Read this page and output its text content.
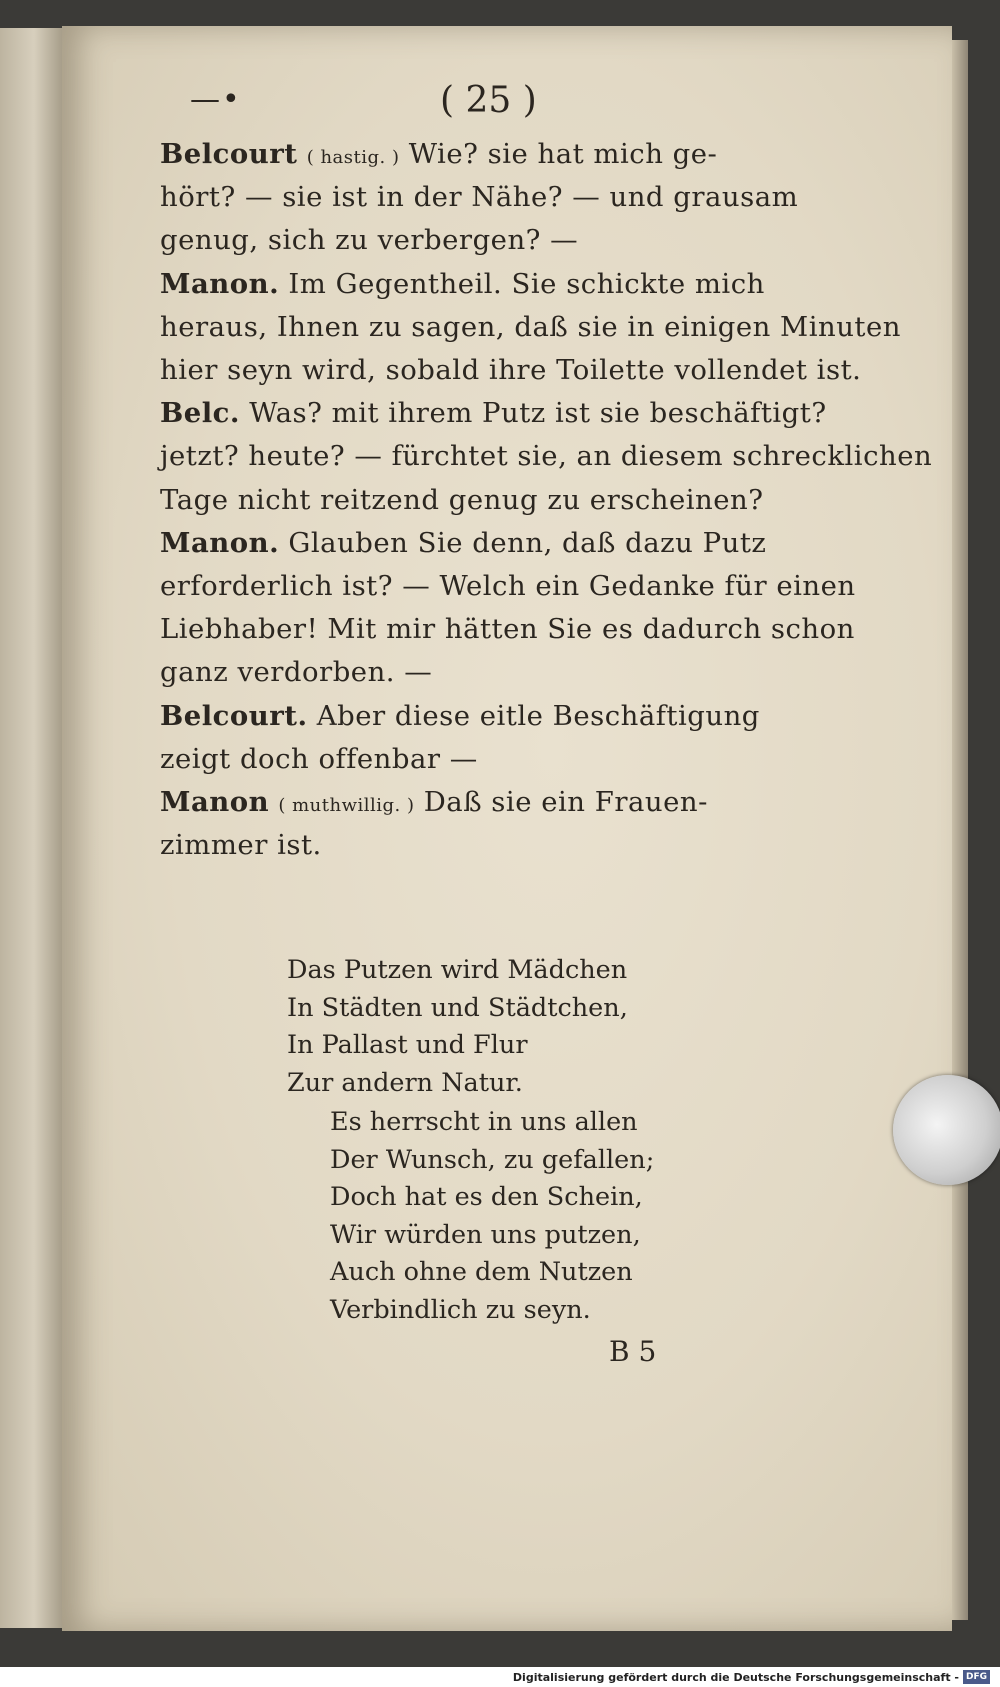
—•	( 25 )
Belcourt ( hastig. ) Wie? sie hat mich ge-
hört? — sie ist in der Nähe? — und grausam
genug, sich zu verbergen? —
Manon. Im Gegentheil. Sie schickte mich
heraus, Ihnen zu sagen, daß sie in einigen Minuten
hier seyn wird, sobald ihre Toilette vollendet ist.
Belc. Was? mit ihrem Putz ist sie beschäftigt?
jetzt? heute? — fürchtet sie, an diesem schrecklichen
Tage nicht reitzend genug zu erscheinen?
Manon. Glauben Sie denn, daß dazu Putz
erforderlich ist? — Welch ein Gedanke für einen
Liebhaber! Mit mir hätten Sie es dadurch schon
ganz verdorben. —
Belcourt. Aber diese eitle Beschäftigung
zeigt doch offenbar —
Manon ( muthwillig. ) Daß sie ein Frauen-
zimmer ist.
Das Putzen wird Mädchen
In Städten und Städtchen,
In Pallast und Flur
Zur andern Natur.
Es herrscht in uns allen
Der Wunsch, zu gefallen;
Doch hat es den Schein,
Wir würden uns putzen,
Auch ohne dem Nutzen
Verbindlich zu seyn.
B 5
Digitalisierung gefördert durch die Deutsche Forschungsgemeinschaft - DFG
